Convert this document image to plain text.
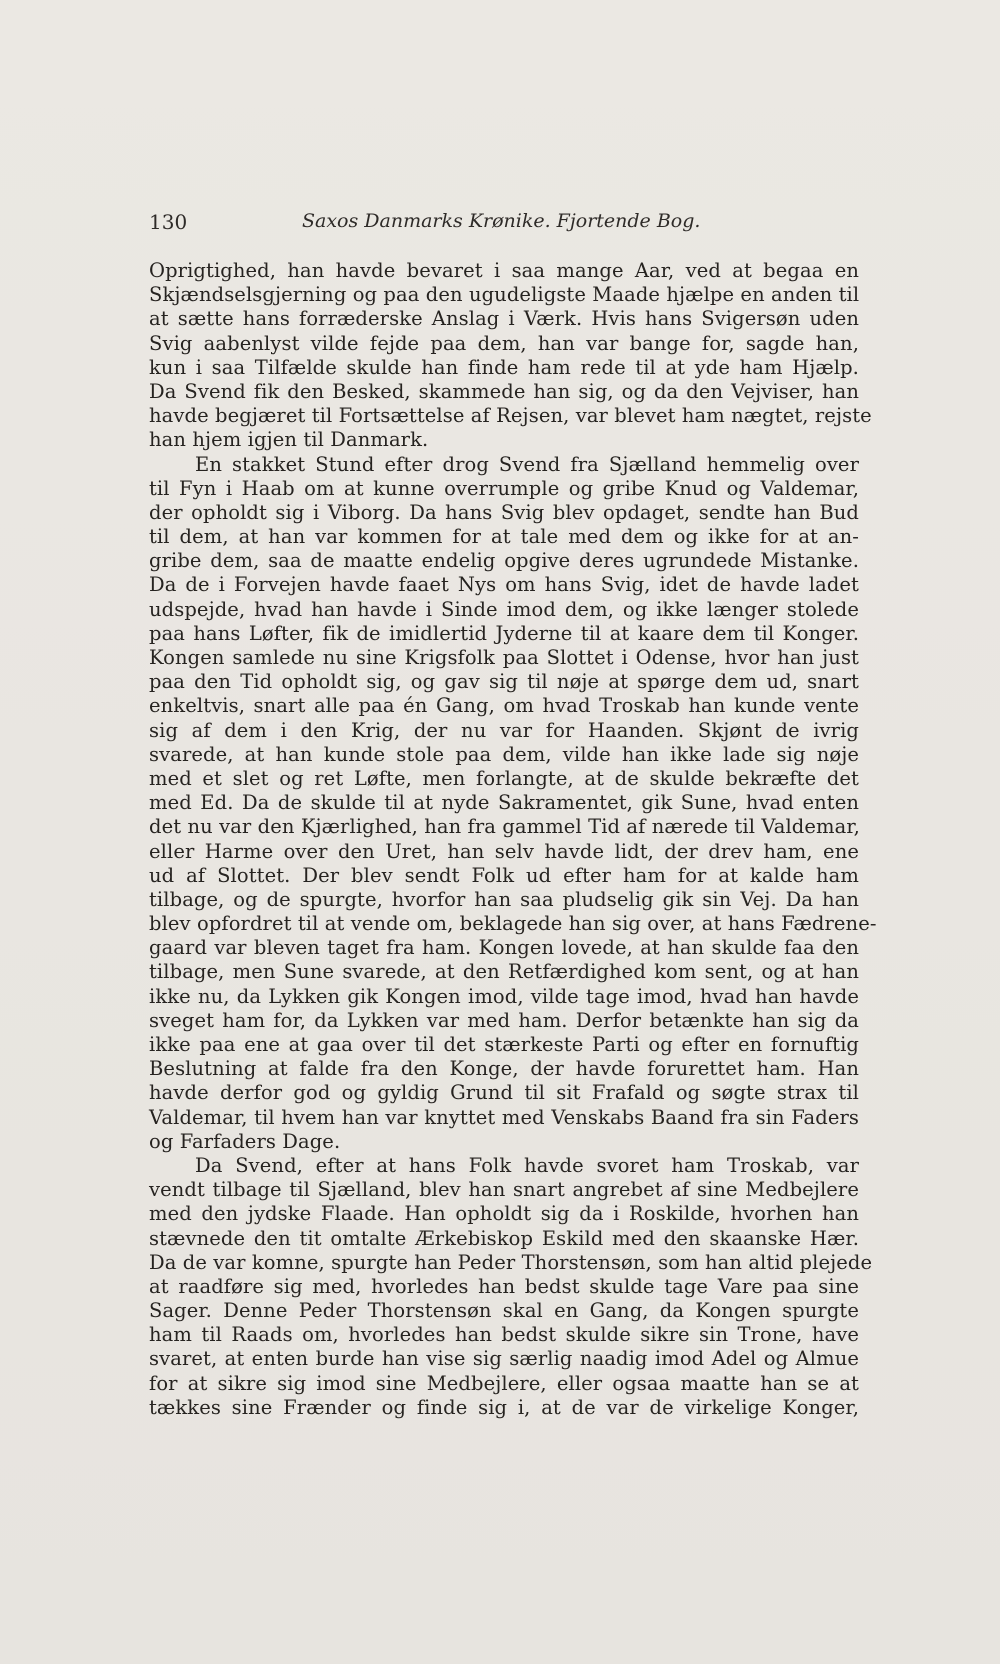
130	Saxos Danmarks Krønike. Fjortende Bog.
Oprigtighed, han havde bevaret i saa mange Aar, ved at begaa en
Skjændselsgjerning og paa den ugudeligste Maade hjælpe en anden til
at sætte hans forræderske Anslag i Værk. Hvis hans Svigersøn uden
Svig aabenlyst vilde fejde paa dem, han var bange for, sagde han,
kun i saa Tilfælde skulde han finde ham rede til at yde ham Hjælp.
Da Svend fik den Besked, skammede han sig, og da den Vejviser, han
havde begjæret til Fortsættelse af Rejsen, var blevet ham nægtet, rejste
han hjem igjen til Danmark.
En stakket Stund efter drog Svend fra Sjælland hemmelig over
til Fyn i Haab om at kunne overrumple og gribe Knud og Valdemar,
der opholdt sig i Viborg. Da hans Svig blev opdaget, sendte han Bud
til dem, at han var kommen for at tale med dem og ikke for at an-
gribe dem, saa de maatte endelig opgive deres ugrundede Mistanke.
Da de i Forvejen havde faaet Nys om hans Svig, idet de havde ladet
udspejde, hvad han havde i Sinde imod dem, og ikke længer stolede
paa hans Løfter, fik de imidlertid Jyderne til at kaare dem til Konger.
Kongen samlede nu sine Krigsfolk paa Slottet i Odense, hvor han just
paa den Tid opholdt sig, og gav sig til nøje at spørge dem ud, snart
enkeltvis, snart alle paa én Gang, om hvad Troskab han kunde vente
sig af dem i den Krig, der nu var for Haanden. Skjønt de ivrig
svarede, at han kunde stole paa dem, vilde han ikke lade sig nøje
med et slet og ret Løfte, men forlangte, at de skulde bekræfte det
med Ed. Da de skulde til at nyde Sakramentet, gik Sune, hvad enten
det nu var den Kjærlighed, han fra gammel Tid af nærede til Valdemar,
eller Harme over den Uret, han selv havde lidt, der drev ham, ene
ud af Slottet. Der blev sendt Folk ud efter ham for at kalde ham
tilbage, og de spurgte, hvorfor han saa pludselig gik sin Vej. Da han
blev opfordret til at vende om, beklagede han sig over, at hans Fædrene-
gaard var bleven taget fra ham. Kongen lovede, at han skulde faa den
tilbage, men Sune svarede, at den Retfærdighed kom sent, og at han
ikke nu, da Lykken gik Kongen imod, vilde tage imod, hvad han havde
sveget ham for, da Lykken var med ham. Derfor betænkte han sig da
ikke paa ene at gaa over til det stærkeste Parti og efter en fornuftig
Beslutning at falde fra den Konge, der havde forurettet ham. Han
havde derfor god og gyldig Grund til sit Frafald og søgte strax til
Valdemar, til hvem han var knyttet med Venskabs Baand fra sin Faders
og Farfaders Dage.
Da Svend, efter at hans Folk havde svoret ham Troskab, var
vendt tilbage til Sjælland, blev han snart angrebet af sine Medbejlere
med den jydske Flaade. Han opholdt sig da i Roskilde, hvorhen han
stævnede den tit omtalte Ærkebiskop Eskild med den skaanske Hær.
Da de var komne, spurgte han Peder Thorstensøn, som han altid plejede
at raadføre sig med, hvorledes han bedst skulde tage Vare paa sine
Sager. Denne Peder Thorstensøn skal en Gang, da Kongen spurgte
ham til Raads om, hvorledes han bedst skulde sikre sin Trone, have
svaret, at enten burde han vise sig særlig naadig imod Adel og Almue
for at sikre sig imod sine Medbejlere, eller ogsaa maatte han se at
tækkes sine Frænder og finde sig i, at de var de virkelige Konger,
